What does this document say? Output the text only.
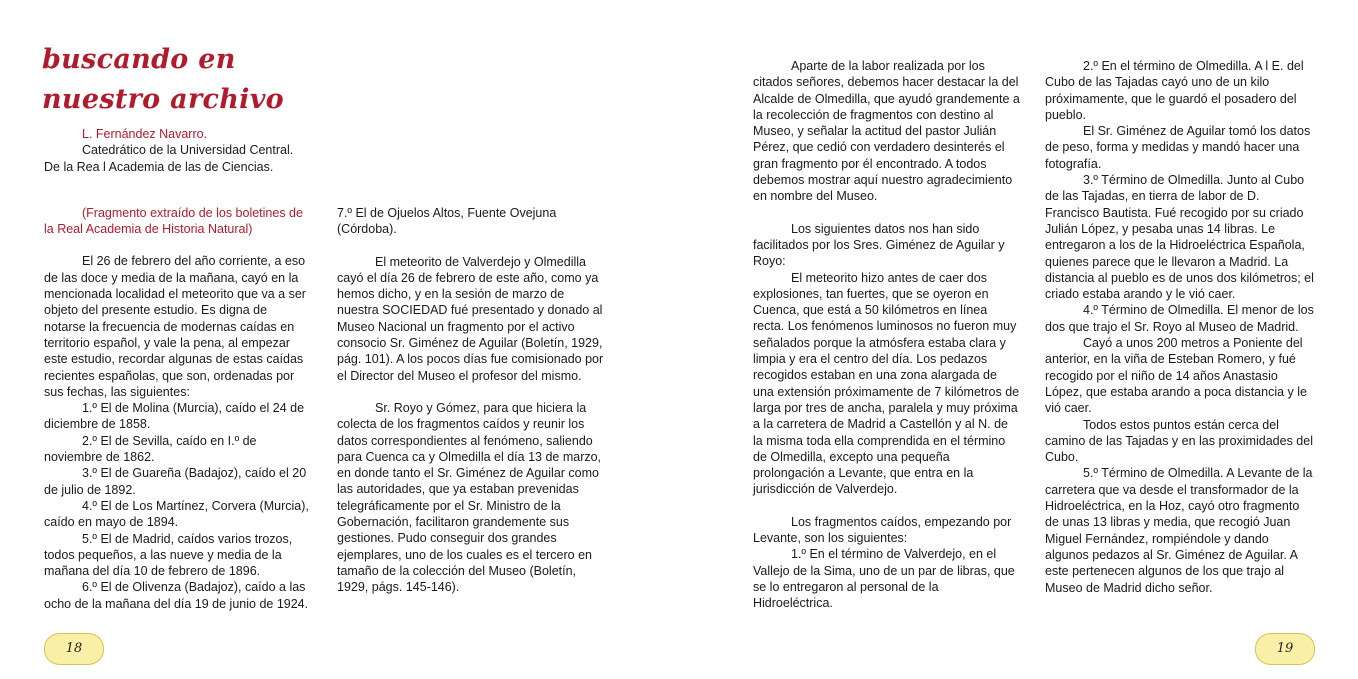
buscando en nuestro archivo

L. Fernández Navarro.

Catedrático de la Universidad Central.

De la Rea l Academia de las de Ciencias.

(Fragmento extraído de los boletines de la Real Academia de Historia Natural)

El 26 de febrero del año corriente, a eso de las doce y media de la mañana, cayó en la mencionada localidad el meteorito que va a ser objeto del presente estudio. Es digna de notarse la frecuencia de modernas caídas en territorio español, y vale la pena, al empezar este estudio, recordar algunas de estas caídas recientes españolas, que son, ordenadas por sus fechas, las siguientes:

1.º El de Molina (Murcia), caído el 24 de diciembre de 1858.

2.º El de Sevilla, caído en I.º de noviembre de 1862.

3.º El de Guareña (Badajoz), caído el 20 de julio de 1892.

4.º El de Los Martínez, Corvera (Murcia), caído en mayo de 1894.

5.º El de Madrid, caídos varios trozos, todos pequeños, a las nueve y media de la mañana del día 10 de febrero de 1896.

6.º El de Olivenza (Badajoz), caído a las ocho de la mañana del día 19 de junio de 1924.

7.º El de Ojuelos Altos, Fuente Ovejuna (Córdoba).

El meteorito de Valverdejo y Olmedilla cayó el día 26 de febrero de este año, como ya hemos dicho, y en la sesión de marzo de nuestra SOCIEDAD fué presentado y donado al Museo Nacional un fragmento por el activo consocio Sr. Giménez de Aguilar (Boletín, 1929, pág. 101). A los pocos días fue comisionado por el Director del Museo el profesor del mismo.

Sr. Royo y Gómez, para que hiciera la colecta de los fragmentos caídos y reunir los datos correspondientes al fenómeno, saliendo para Cuenca ca y Olmedilla el día 13 de marzo, en donde tanto el Sr. Giménez de Aguilar como las autoridades, que ya estaban prevenidas telegráficamente por el Sr. Ministro de la Gobernación, facilitaron grandemente sus gestiones. Pudo conseguir dos grandes ejemplares, uno de los cuales es el tercero en tamaño de la colección del Museo (Boletín, 1929, págs. 145-146).

Aparte de la labor realizada por los citados señores, debemos hacer destacar la del Alcalde de Olmedilla, que ayudó grandemente a la recolección de fragmentos con destino al Museo, y señalar la actitud del pastor Julián Pérez, que cedió con verdadero desinterés el gran fragmento por él encontrado. A todos debemos mostrar aquí nuestro agradecimiento en nombre del Museo.

Los siguientes datos nos han sido facilitados por los Sres. Giménez de Aguilar y Royo:

El meteorito hizo antes de caer dos explosiones, tan fuertes, que se oyeron en Cuenca, que está a 50 kilómetros en línea recta. Los fenómenos luminosos no fueron muy señalados porque la atmósfera estaba clara y limpia y era el centro del día. Los pedazos recogidos estaban en una zona alargada de una extensión próximamente de 7 kilómetros de larga por tres de ancha, paralela y muy próxima a la carretera de Madrid a Castellón y al N. de la misma toda ella comprendida en el término de Olmedilla, excepto una pequeña prolongación a Levante, que entra en la jurisdicción de Valverdejo.

Los fragmentos caídos, empezando por Levante, son los siguientes:

1.º En el término de Valverdejo, en el Vallejo de la Sima, uno de un par de libras, que se lo entregaron al personal de la Hidroeléctrica.

2.º En el término de Olmedilla. A l E. del Cubo de las Tajadas cayó uno de un kilo próximamente, que le guardó el posadero del pueblo.

El Sr. Giménez de Aguilar tomó los datos de peso, forma y medidas y mandó hacer una fotografía.

3.º Término de Olmedilla. Junto al Cubo de las Tajadas, en tierra de labor de D. Francisco Bautista. Fué recogido por su criado Julián López, y pesaba unas 14 libras. Le entregaron a los de la Hidroeléctrica Española, quienes parece que le llevaron a Madrid. La distancia al pueblo es de unos dos kilómetros; el criado estaba arando y le vió caer.

4.º Término de Olmedilla. El menor de los dos que trajo el Sr. Royo al Museo de Madrid.

Cayó a unos 200 metros a Poniente del anterior, en la viña de Esteban Romero, y fué recogido por el niño de 14 años Anastasio López, que estaba arando a poca distancia y le vió caer.

Todos estos puntos están cerca del camino de las Tajadas y en las proximidades del Cubo.

5.º Término de Olmedilla. A Levante de la carretera que va desde el transformador de la Hidroeléctrica, en la Hoz, cayó otro fragmento de unas 13 libras y media, que recogió Juan Miguel Fernández, rompiéndole y dando algunos pedazos al Sr. Giménez de Aguilar. A este pertenecen algunos de los que trajo al Museo de Madrid dicho señor.

18	19
